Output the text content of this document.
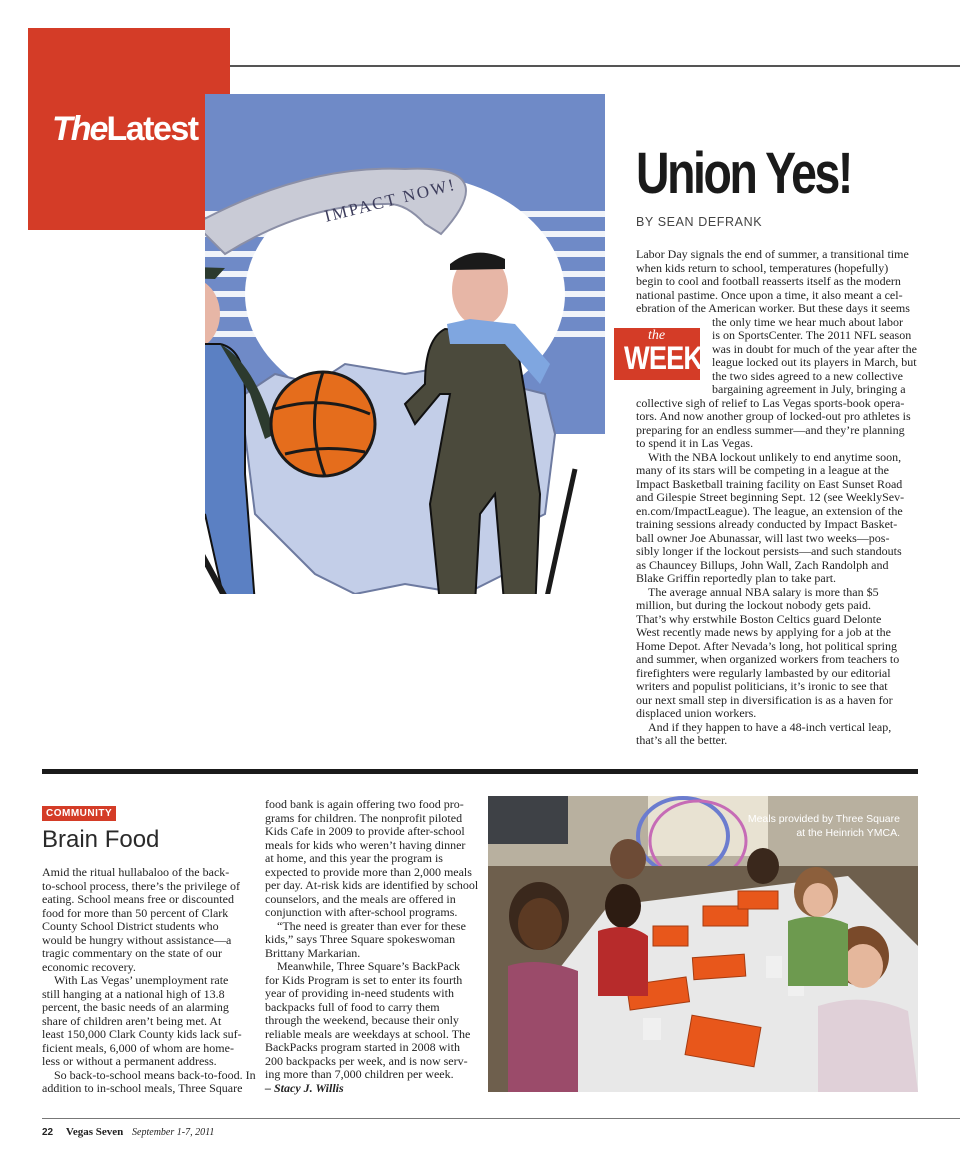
TheLatest
IMPACT NOW!	Union Yes!
BY SEAN DEFRANK
the
WEEK
Labor Day signals the end of summer, a transitional time
when kids return to school, temperatures (hopefully)
begin to cool and football reasserts itself as the modern
national pastime. Once upon a time, it also meant a cel-
ebration of the American worker. But these days it seems
the only time we hear much about labor
is on SportsCenter. The 2011 NFL season
was in doubt for much of the year after the
league locked out its players in March, but
the two sides agreed to a new collective
bargaining agreement in July, bringing a
collective sigh of relief to Las Vegas sports-book opera-
tors. And now another group of locked-out pro athletes is
preparing for an endless summer—and they’re planning
to spend it in Las Vegas.
With the NBA lockout unlikely to end anytime soon,
many of its stars will be competing in a league at the
Impact Basketball training facility on East Sunset Road
and Gilespie Street beginning Sept. 12 (see WeeklySev-
en.com/ImpactLeague). The league, an extension of the
training sessions already conducted by Impact Basket-
ball owner Joe Abunassar, will last two weeks—pos-
sibly longer if the lockout persists—and such standouts
as Chauncey Billups, John Wall, Zach Randolph and
Blake Griffin reportedly plan to take part.
The average annual NBA salary is more than $5
million, but during the lockout nobody gets paid.
That’s why erstwhile Boston Celtics guard Delonte
West recently made news by applying for a job at the
Home Depot. After Nevada’s long, hot political spring
and summer, when organized workers from teachers to
firefighters were regularly lambasted by our editorial
writers and populist politicians, it’s ironic to see that
our next small step in diversification is as a haven for
displaced union workers.
And if they happen to have a 48-inch vertical leap,
that’s all the better.
COMMUNITY
Brain Food
Amid the ritual hullabaloo of the back-
to-school process, there’s the privilege of
eating. School means free or discounted
food for more than 50 percent of Clark
County School District students who
would be hungry without assistance—a
tragic commentary on the state of our
economic recovery.
With Las Vegas’ unemployment rate
still hanging at a national high of 13.8
percent, the basic needs of an alarming
share of children aren’t being met. At
least 150,000 Clark County kids lack suf-
ficient meals, 6,000 of whom are home-
less or without a permanent address.
So back-to-school means back-to-food. In
addition to in-school meals, Three Square
food bank is again offering two food pro-
grams for children. The nonprofit piloted
Kids Cafe in 2009 to provide after-school
meals for kids who weren’t having dinner
at home, and this year the program is
expected to provide more than 2,000 meals
per day. At-risk kids are identified by school
counselors, and the meals are offered in
conjunction with after-school programs.
“The need is greater than ever for these
kids,” says Three Square spokeswoman
Brittany Markarian.
Meanwhile, Three Square’s BackPack
for Kids Program is set to enter its fourth
year of providing in-need students with
backpacks full of food to carry them
through the weekend, because their only
reliable meals are weekdays at school. The
BackPacks program started in 2008 with
200 backpacks per week, and is now serv-
ing more than 7,000 children per week.
– Stacy J. Willis
Meals provided by Three Square
at the Heinrich YMCA.
22 Vegas Seven September 1-7, 2011
